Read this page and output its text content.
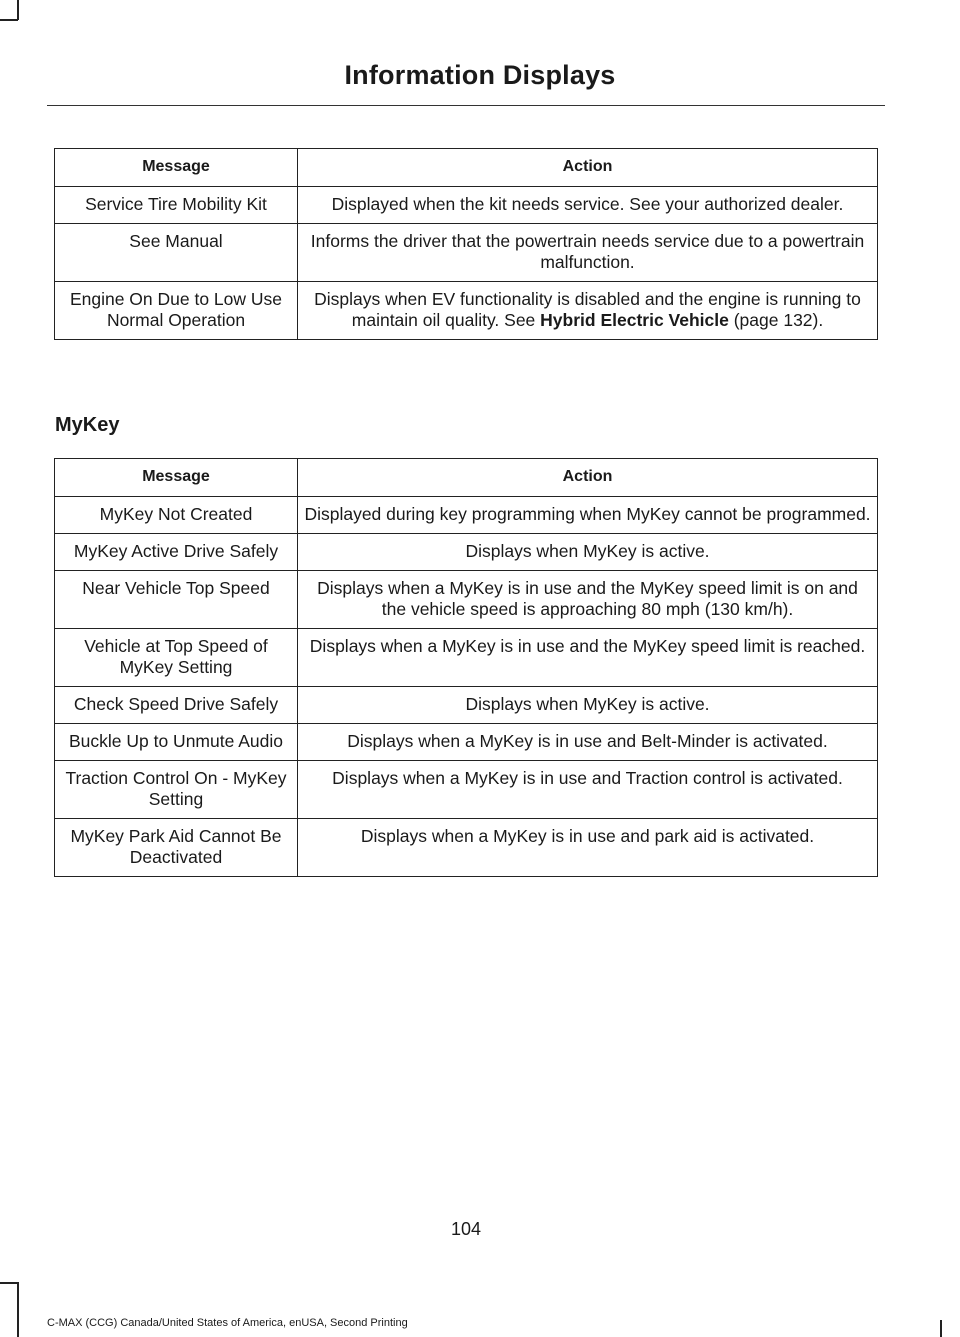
Information Displays
Message	Action
Service Tire Mobility Kit	Displayed when the kit needs service. See your authorized dealer.
See Manual	Informs the driver that the powertrain needs service due to a powertrain malfunction.
Engine On Due to Low Use Normal Operation	Displays when EV functionality is disabled and the engine is running to maintain oil quality. See Hybrid Electric Vehicle (page 132).
MyKey
Message	Action
MyKey Not Created	Displayed during key programming when MyKey cannot be programmed.
MyKey Active Drive Safely	Displays when MyKey is active.
Near Vehicle Top Speed	Displays when a MyKey is in use and the MyKey speed limit is on and the vehicle speed is approaching 80 mph (130 km/h).
Vehicle at Top Speed of MyKey Setting	Displays when a MyKey is in use and the MyKey speed limit is reached.
Check Speed Drive Safely	Displays when MyKey is active.
Buckle Up to Unmute Audio	Displays when a MyKey is in use and Belt-Minder is activated.
Traction Control On - MyKey Setting	Displays when a MyKey is in use and Traction control is activated.
MyKey Park Aid Cannot Be Deactivated	Displays when a MyKey is in use and park aid is activated.
104
C-MAX (CCG) Canada/United States of America, enUSA, Second Printing
